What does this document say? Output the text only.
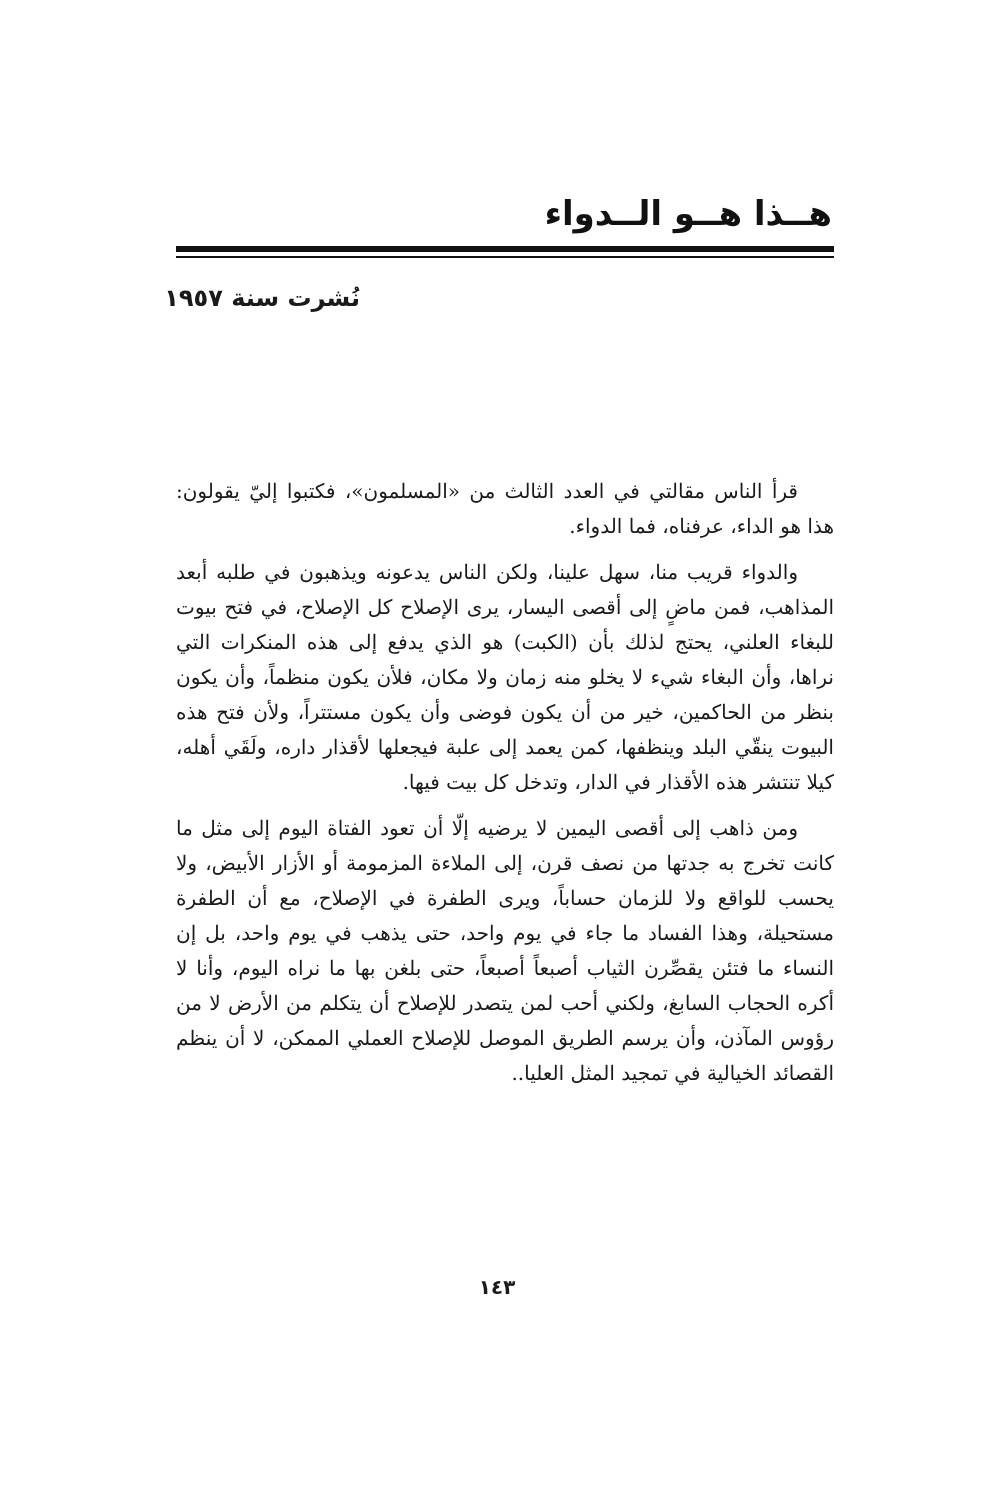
هــذا هــو الــدواء

نُشرت سنة ١٩٥٧

قرأ الناس مقالتي في العدد الثالث من «المسلمون»، فكتبوا إليّ يقولون: هذا هو الداء، عرفناه، فما الدواء.

والدواء قريب منا، سهل علينا، ولكن الناس يدعونه ويذهبون في طلبه أبعد المذاهب، فمن ماضٍ إلى أقصى اليسار، يرى الإصلاح كل الإصلاح، في فتح بيوت للبغاء العلني، يحتج لذلك بأن (الكبت) هو الذي يدفع إلى هذه المنكرات التي نراها، وأن البغاء شيء لا يخلو منه زمان ولا مكان، فلأن يكون منظماً، وأن يكون بنظر من الحاكمين، خير من أن يكون فوضى وأن يكون مستتراً، ولأن فتح هذه البيوت ينقّي البلد وينظفها، كمن يعمد إلى علبة فيجعلها لأقذار داره، ولَقَي أهله، كيلا تنتشر هذه الأقذار في الدار، وتدخل كل بيت فيها.

ومن ذاهب إلى أقصى اليمين لا يرضيه إلّا أن تعود الفتاة اليوم إلى مثل ما كانت تخرج به جدتها من نصف قرن، إلى الملاءة المزمومة أو الأزار الأبيض، ولا يحسب للواقع ولا للزمان حساباً، ويرى الطفرة في الإصلاح، مع أن الطفرة مستحيلة، وهذا الفساد ما جاء في يوم واحد، حتى يذهب في يوم واحد، بل إن النساء ما فتئن يقصِّرن الثياب أصبعاً أصبعاً، حتى بلغن بها ما نراه اليوم، وأنا لا أكره الحجاب السابغ، ولكني أحب لمن يتصدر للإصلاح أن يتكلم من الأرض لا من رؤوس المآذن، وأن يرسم الطريق الموصل للإصلاح العملي الممكن، لا أن ينظم القصائد الخيالية في تمجيد المثل العليا..

١٤٣
